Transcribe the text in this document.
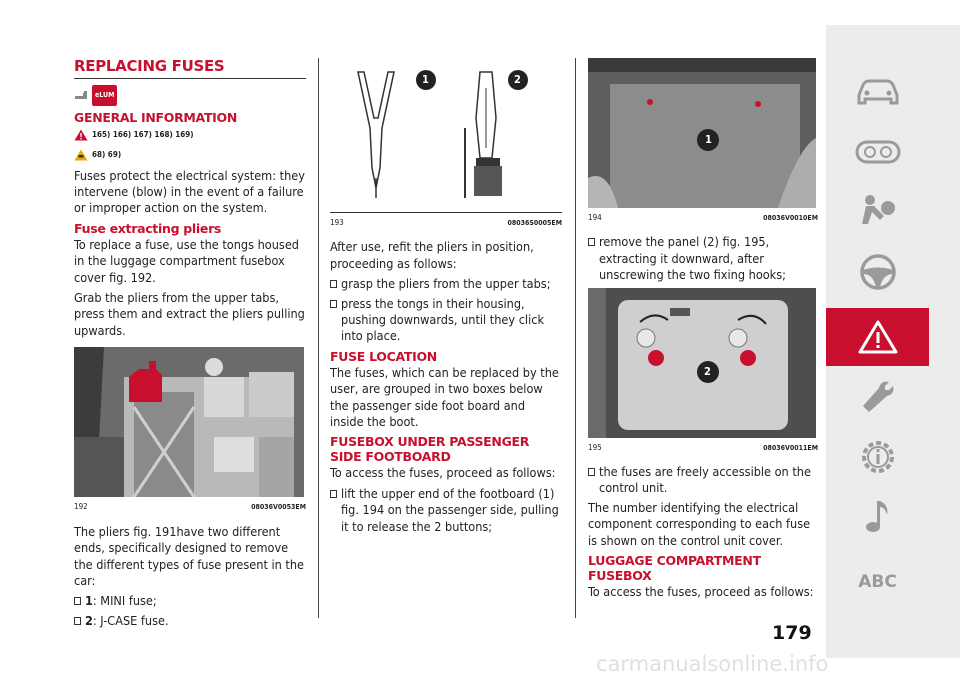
REPLACING FUSES
eLUM
GENERAL INFORMATION
165) 166) 167) 168) 169)
68) 69)

Fuses protect the electrical system: they intervene (blow) in the event of a failure or improper action on the system.

Fuse extracting pliers

To replace a fuse, use the tongs housed in the luggage compartment fusebox cover fig. 192.

Grab the pliers from the upper tabs, press them and extract the pliers pulling upwards.

192	08036V0053EM

The pliers fig. 191have two different ends, specifically designed to remove the different types of fuse present in the car:

1: MINI fuse;
2: J-CASE fuse.
1	2
193	08036S0005EM

After use, refit the pliers in position, proceeding as follows:

grasp the pliers from the upper tabs;
press the tongs in their housing, pushing downwards, until they click into place.
FUSE LOCATION

The fuses, which can be replaced by the user, are grouped in two boxes below the passenger side foot board and inside the boot.

FUSEBOX UNDER PASSENGER SIDE FOOTBOARD

To access the fuses, proceed as follows:

lift the upper end of the footboard (1) fig. 194 on the passenger side, pulling it to release the 2 buttons;
1
194	08036V0010EM
remove the panel (2) fig. 195, extracting it downward, after unscrewing the two fixing hooks;
2
195	08036V0011EM
the fuses are freely accessible on the control unit.

The number identifying the electrical component corresponding to each fuse is shown on the control unit cover.

LUGGAGE COMPARTMENT FUSEBOX

To access the fuses, proceed as follows:	ABC
179
carmanualsonline.info
